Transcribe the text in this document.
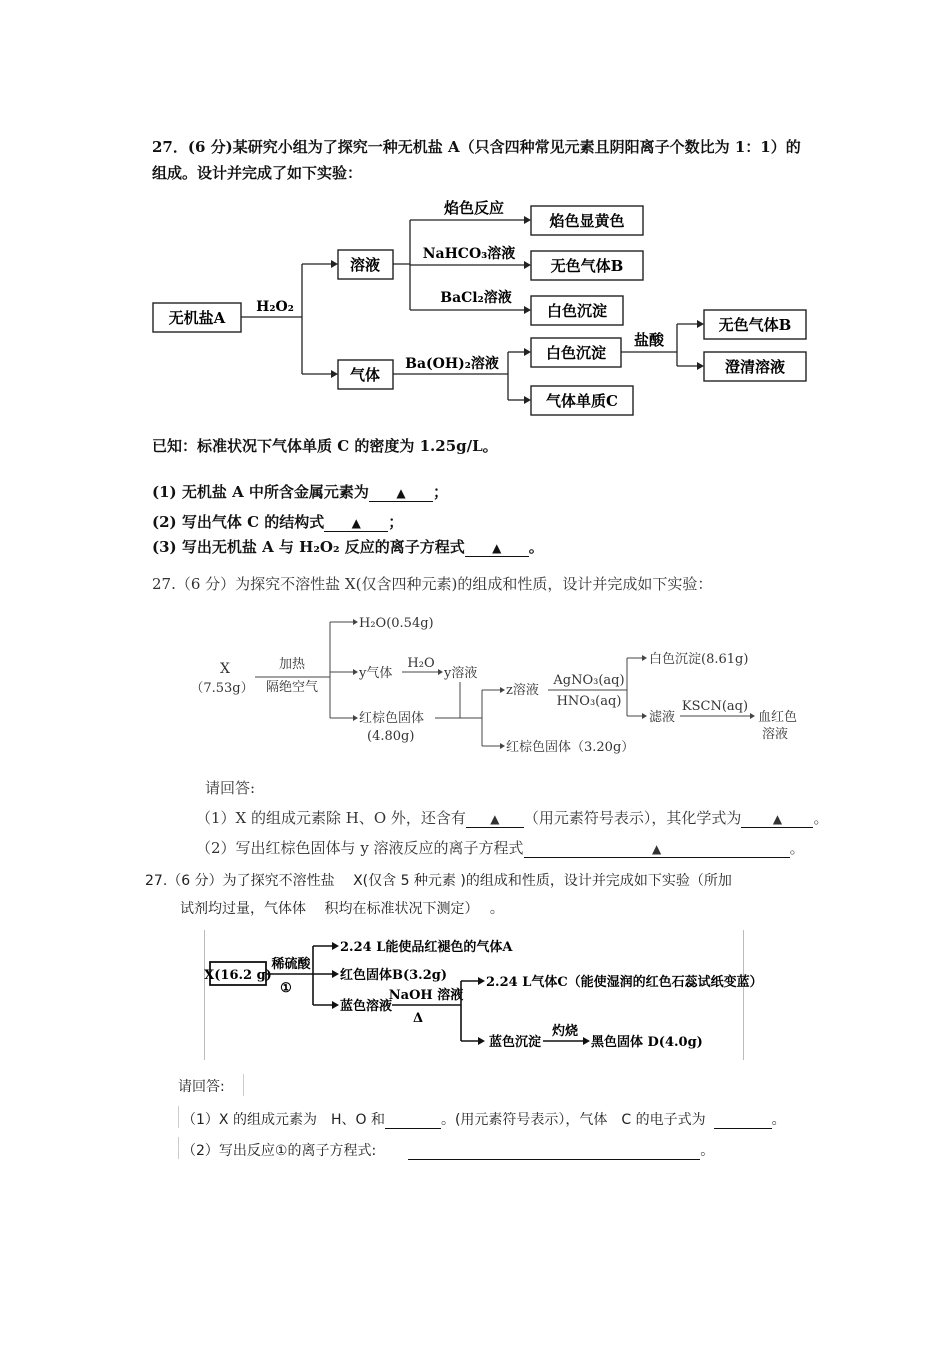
27．(6 分)某研究小组为了探究一种无机盐 A（只含四种常见元素且阴阳离子个数比为 1：1）的
组成。设计并完成了如下实验：
无机盐A
H₂O₂
溶液
气体
焰色反应
NaHCO₃溶液
BaCl₂溶液
焰色显黄色
无色气体B
白色沉淀
Ba(OH)₂溶液
白色沉淀
气体单质C
盐酸
无色气体B
澄清溶液
已知：标准状况下气体单质 C 的密度为 1.25g/L。
(1) 无机盐 A 中所含金属元素为 ▲ ；
(2) 写出气体 C 的结构式 ▲ ；
(3) 写出无机盐 A 与 H₂O₂ 反应的离子方程式 ▲ 。
27.（6 分）为探究不溶性盐 X(仅含四种元素)的组成和性质，设计并完成如下实验：
X
（7.53g）
加热
隔绝空气
H₂O(0.54g)
y气体
H₂O
y溶液
红棕色固体
(4.80g)
z溶液
AgNO₃(aq)
HNO₃(aq)
白色沉淀(8.61g)
滤液
KSCN(aq)
血红色
溶液
红棕色固体（3.20g）
请回答:
（1）X 的组成元素除 H、O 外，还含有 ▲ （用元素符号表示），其化学式为	▲ 。
（2）写出红棕色固体与 y 溶液反应的离子方程式	▲	。
27.（6 分）为了探究不溶性盐　 X(仅含 5 种元素 )的组成和性质，设计并完成如下实验（所加
试剂均过量，气体体　 积均在标准状况下测定）　 。
X(16.2 g)
稀硫酸
①
2.24 L能使品红褪色的气体A
红色固体B(3.2g)
蓝色溶液
NaOH 溶液
Δ
2.24 L气体C（能使湿润的红色石蕊试纸变蓝）
蓝色沉淀
灼烧
黑色固体 D(4.0g)
请回答:
（1）X 的组成元素为　H、O 和	。(用元素符号表示），气体　C 的电子式为	。
（2）写出反应①的离子方程式:	。
